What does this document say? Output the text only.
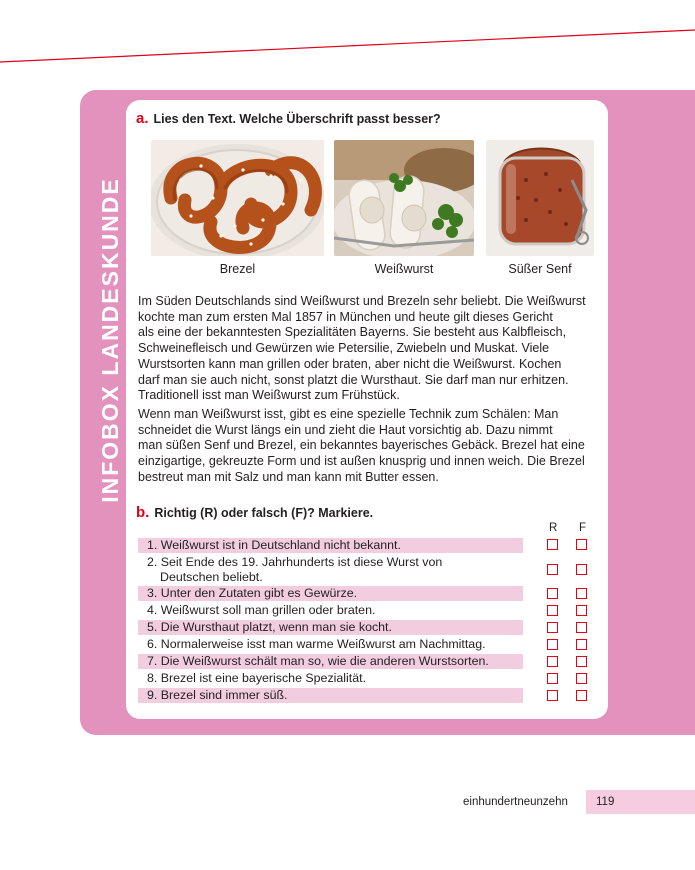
INFOBOX LANDESKUNDE
a. Lies den Text. Welche Überschrift passt besser?
Brezel	Weißwurst	Süßer Senf

Im Süden Deutschlands sind Weißwurst und Brezeln sehr beliebt. Die Weißwurst
kochte man zum ersten Mal 1857 in München und heute gilt dieses Gericht
als eine der bekanntesten Spezialitäten Bayerns. Sie besteht aus Kalbfleisch,
Schweinefleisch und Gewürzen wie Petersilie, Zwiebeln und Muskat. Viele
Wurstsorten kann man grillen oder braten, aber nicht die Weißwurst. Kochen
darf man sie auch nicht, sonst platzt die Wursthaut. Sie darf man nur erhitzen.
Traditionell isst man Weißwurst zum Frühstück.

Wenn man Weißwurst isst, gibt es eine spezielle Technik zum Schälen: Man
schneidet die Wurst längs ein und zieht die Haut vorsichtig ab. Dazu nimmt
man süßen Senf und Brezel, ein bekanntes bayerisches Gebäck. Brezel hat eine
einzigartige, gekreuzte Form und ist außen knusprig und innen weich. Die Brezel
bestreut man mit Salz und man kann mit Butter essen.

b. Richtig (R) oder falsch (F)? Markiere.
R F
1. Weißwurst ist in Deutschland nicht bekannt.
2. Seit Ende des 19. Jahrhunderts ist diese Wurst von
Deutschen beliebt.
3. Unter den Zutaten gibt es Gewürze.
4. Weißwurst soll man grillen oder braten.
5. Die Wursthaut platzt, wenn man sie kocht.
6. Normalerweise isst man warme Weißwurst am Nachmittag.
7. Die Weißwurst schält man so, wie die anderen Wurstsorten.
8. Brezel ist eine bayerische Spezialität.
9. Brezel sind immer süß.
einhundertneunzehn 119
